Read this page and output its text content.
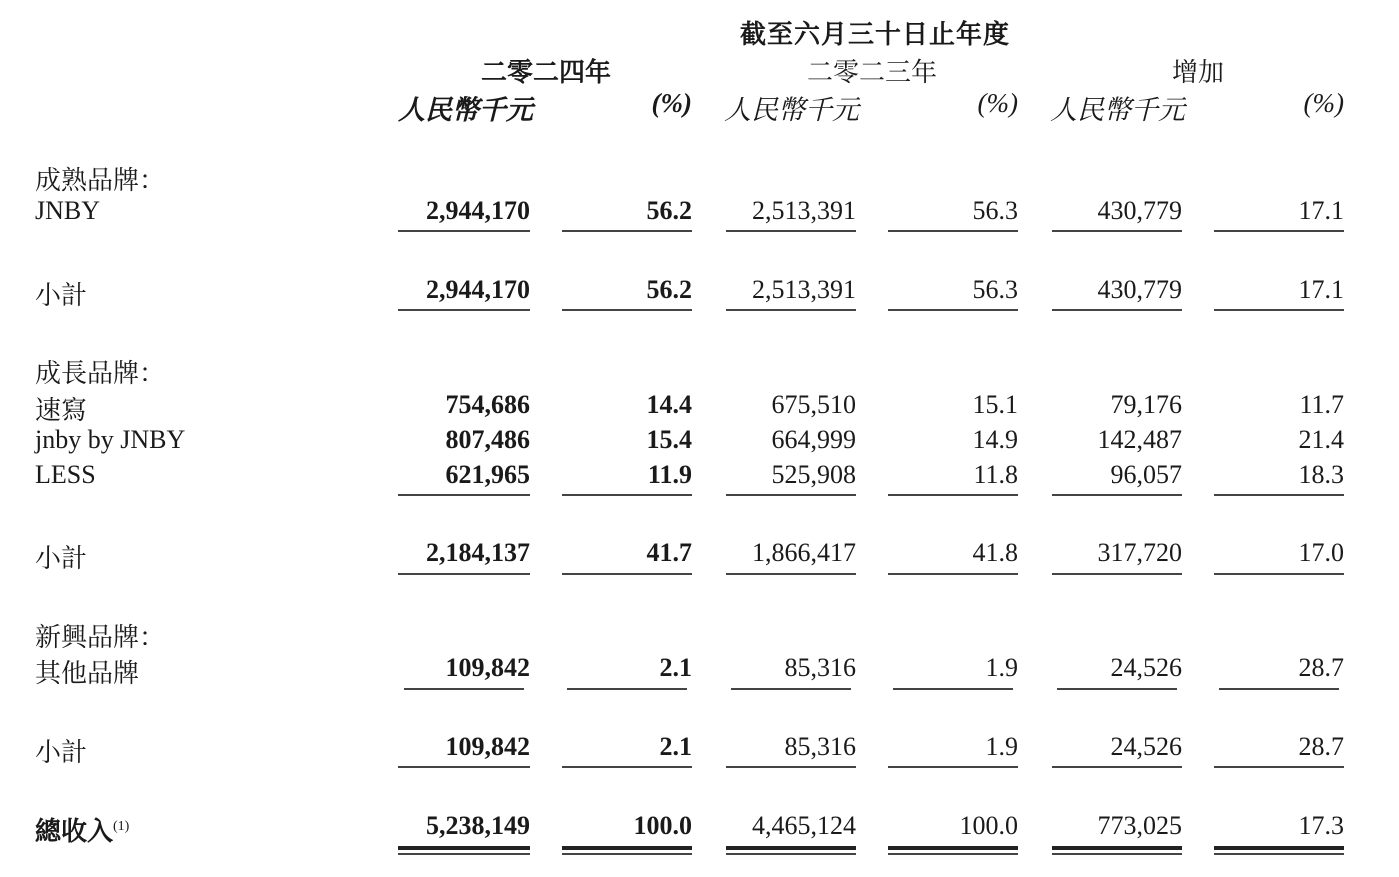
截至六月三十日止年度
二零二四年	二零二三年	增加
人民幣千元	(%) 人民幣千元	(%) 人民幣千元	(%)
成熟品牌：
JNBY	2,944,170	56.2	2,513,391	56.3	430,779	17.1
小計	2,944,170	56.2	2,513,391	56.3	430,779	17.1
成長品牌：
速寫	754,686	14.4	675,510	15.1	79,176	11.7
jnby by JNBY	807,486	15.4	664,999	14.9	142,487	21.4
LESS	621,965	11.9	525,908	11.8	96,057	18.3
小計	2,184,137	41.7	1,866,417	41.8	317,720	17.0
新興品牌：
其他品牌	109,842	2.1	85,316	1.9	24,526	28.7
小計	109,842	2.1	85,316	1.9	24,526	28.7
總收入$^{(1)}$	5,238,149	100.0	4,465,124	100.0	773,025	17.3
